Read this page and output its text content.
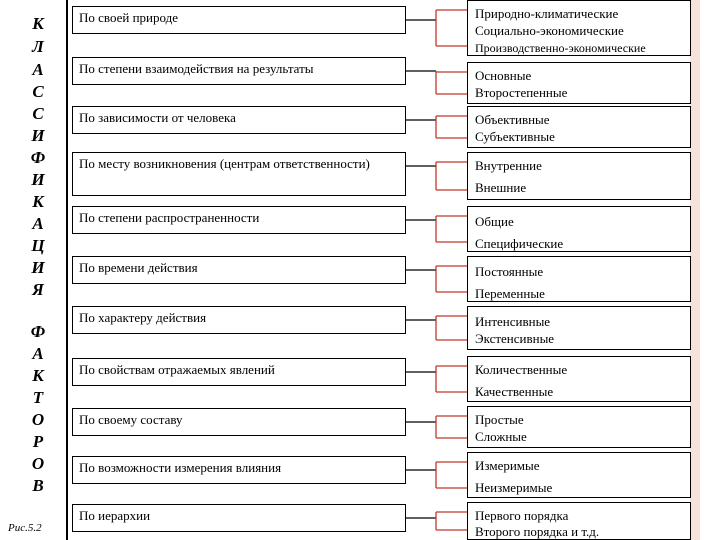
К
Л
А
С
С
И
Ф
И
К
А
Ц
И
Я
Ф
А
К
Т
О
Р
О
В
Рис.5.2
По своей природе
По степени взаимодействия на результаты
По зависимости от человека
По месту возникновения (центрам ответственности)
По степени распространенности
По времени действия
По характеру действия
По свойствам отражаемых явлений
По своему составу
По возможности измерения влияния
По иерархии
Природно-климатические
Социально-экономические
Производственно-экономические
Основные
Второстепенные
Объективные
Субъективные
Внутренние
Внешние
Общие
Специфические
Постоянные
Переменные
Интенсивные
Экстенсивные
Количественные
Качественные
Простые
Сложные
Измеримые
Неизмеримые
Первого порядка
Второго порядка и т.д.
